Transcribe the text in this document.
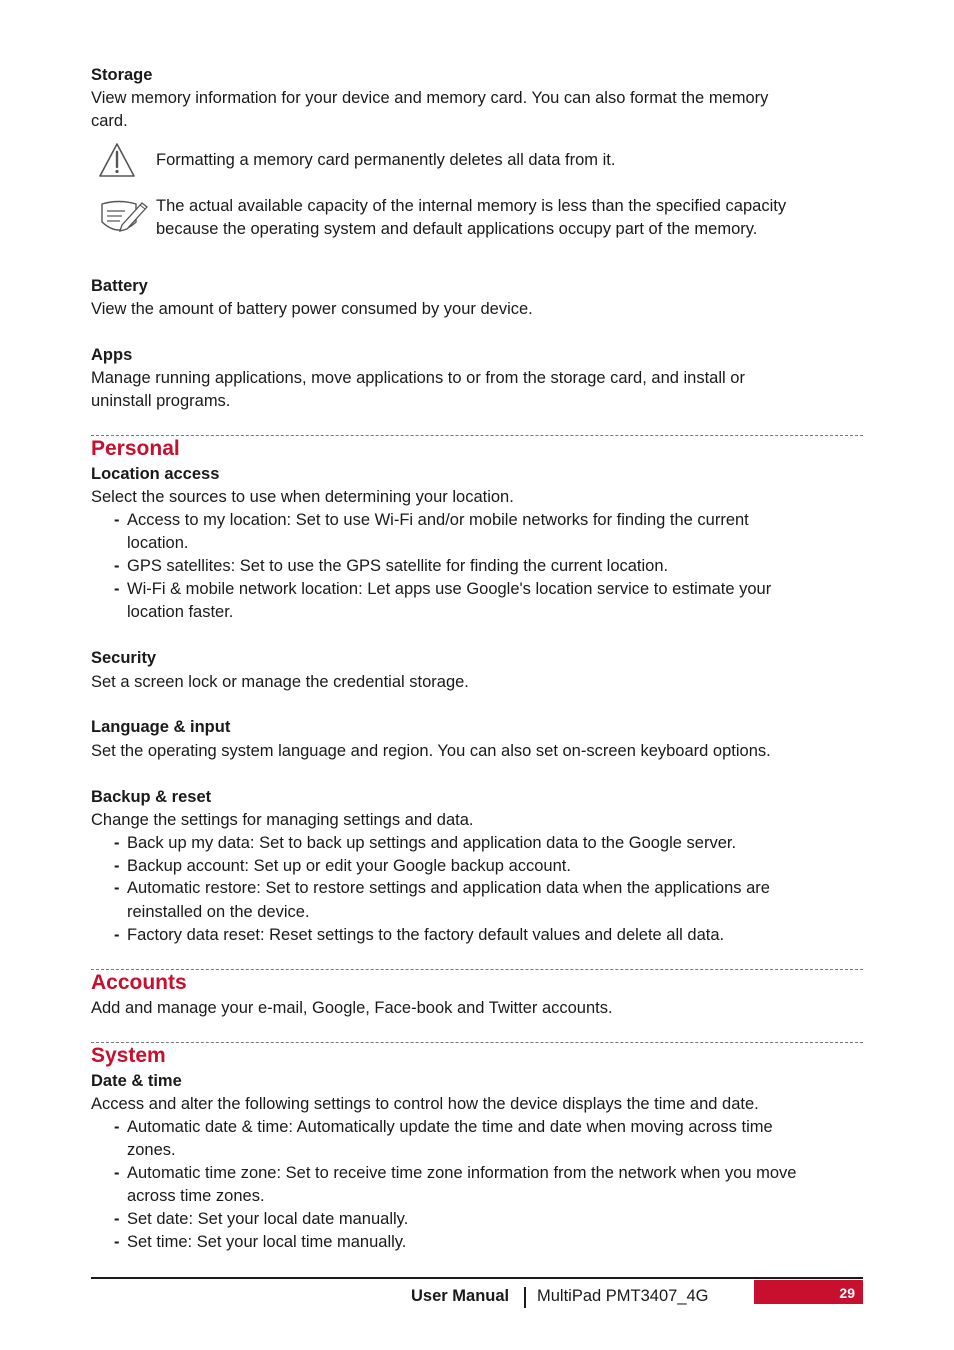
Storage
View memory information for your device and memory card. You can also format the memory
card.
Formatting a memory card permanently deletes all data from it.
The actual available capacity of the internal memory is less than the specified capacity
because the operating system and default applications occupy part of the memory.
Battery
View the amount of battery power consumed by your device.
Apps
Manage running applications, move applications to or from the storage card, and install or
uninstall programs.
Personal
Location access
Select the sources to use when determining your location.
- Access to my location: Set to use Wi-Fi and/or mobile networks for finding the current
location.
- GPS satellites: Set to use the GPS satellite for finding the current location.
- Wi-Fi & mobile network location: Let apps use Google's location service to estimate your
location faster.
Security
Set a screen lock or manage the credential storage.
Language & input
Set the operating system language and region. You can also set on-screen keyboard options.
Backup & reset
Change the settings for managing settings and data.
- Back up my data: Set to back up settings and application data to the Google server.
- Backup account: Set up or edit your Google backup account.
- Automatic restore: Set to restore settings and application data when the applications are
reinstalled on the device.
- Factory data reset: Reset settings to the factory default values and delete all data.
Accounts
Add and manage your e-mail, Google, Face-book and Twitter accounts.
System
Date & time
Access and alter the following settings to control how the device displays the time and date.
- Automatic date & time: Automatically update the time and date when moving across time
zones.
- Automatic time zone: Set to receive time zone information from the network when you move
across time zones.
- Set date: Set your local date manually.
- Set time: Set your local time manually.
User Manual MultiPad PMT3407_4G	29
